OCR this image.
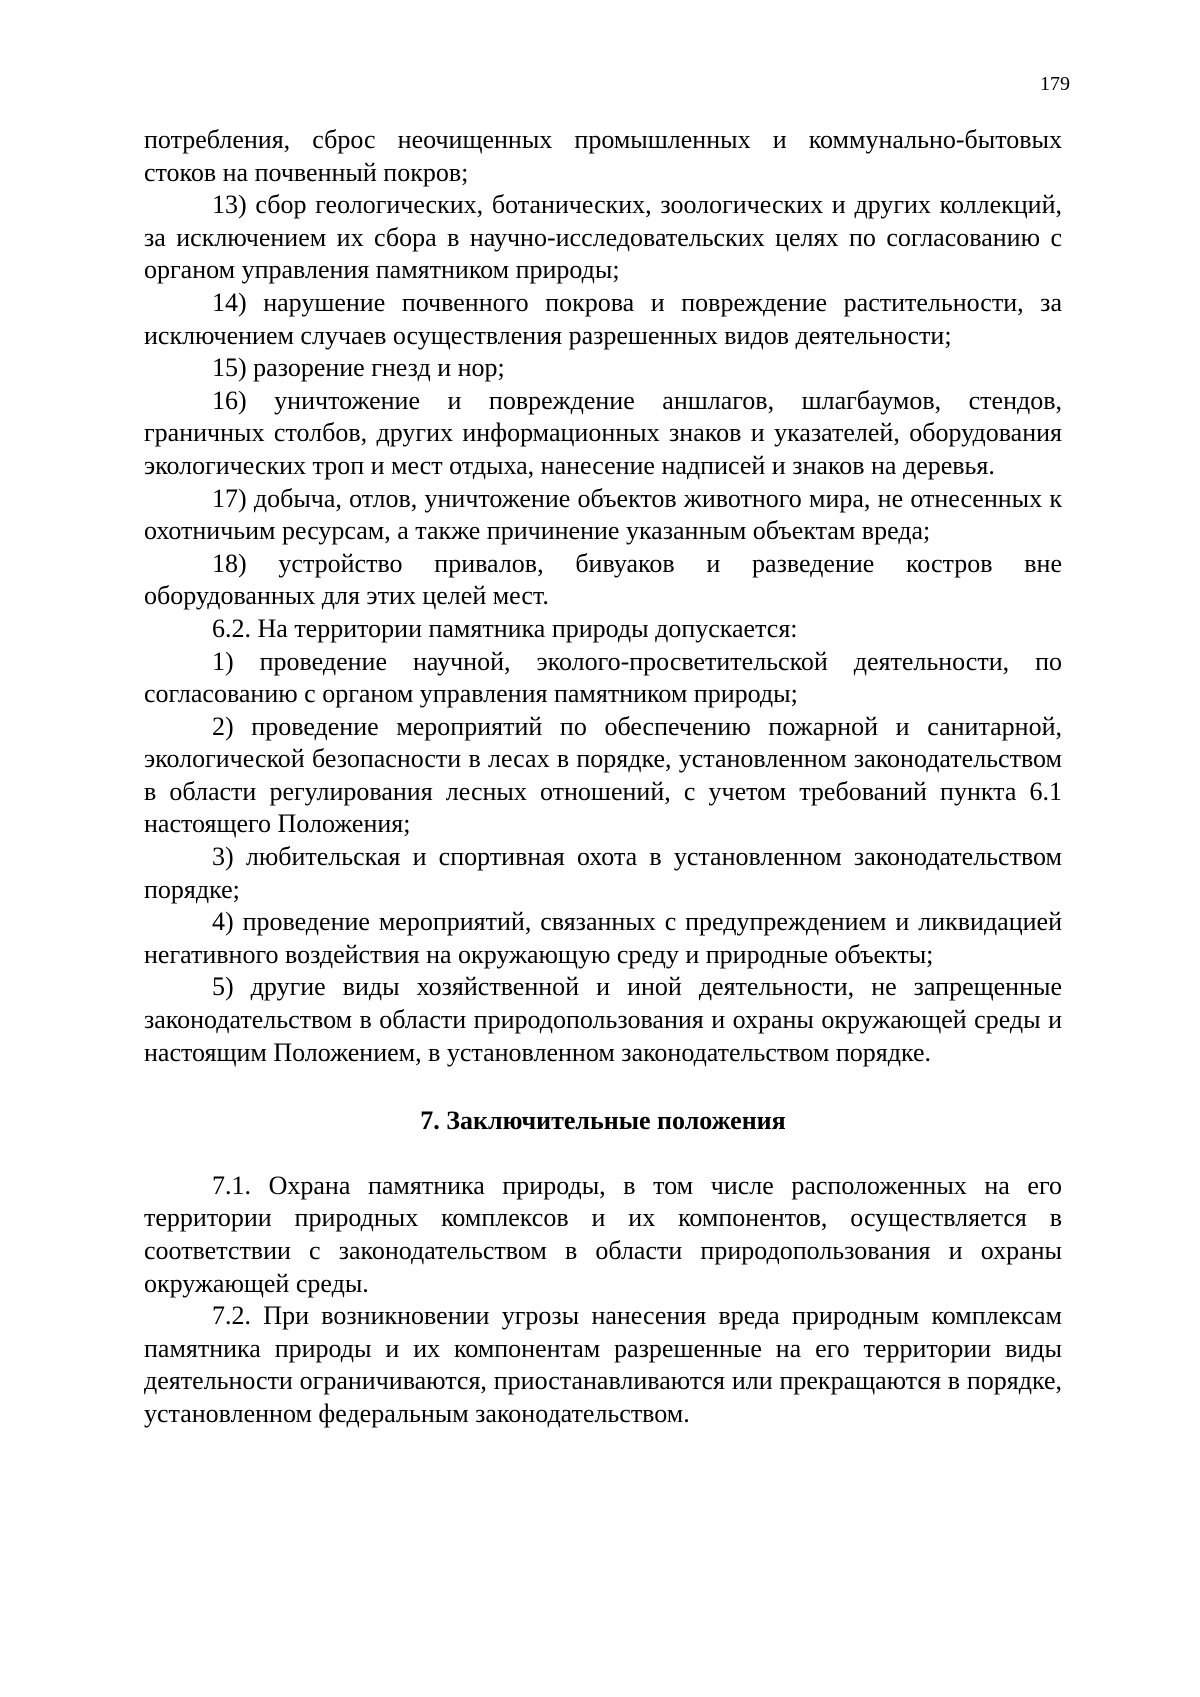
179

потребления, сброс неочищенных промышленных и коммунально-бытовых стоков на почвенный покров;

13) сбор геологических, ботанических, зоологических и других коллекций, за исключением их сбора в научно-исследовательских целях по согласованию с органом управления памятником природы;

14) нарушение почвенного покрова и повреждение растительности, за исключением случаев осуществления разрешенных видов деятельности;

15) разорение гнезд и нор;

16) уничтожение и повреждение аншлагов, шлагбаумов, стендов, граничных столбов, других информационных знаков и указателей, оборудования экологических троп и мест отдыха, нанесение надписей и знаков на деревья.

17) добыча, отлов, уничтожение объектов животного мира, не отнесенных к охотничьим ресурсам, а также причинение указанным объектам вреда;

18) устройство привалов, бивуаков и разведение костров вне оборудованных для этих целей мест.

6.2. На территории памятника природы допускается:

1) проведение научной, эколого-просветительской деятельности, по согласованию с органом управления памятником природы;

2) проведение мероприятий по обеспечению пожарной и санитарной, экологической безопасности в лесах в порядке, установленном законодательством в области регулирования лесных отношений, с учетом требований пункта 6.1 настоящего Положения;

3) любительская и спортивная охота в установленном законодательством порядке;

4) проведение мероприятий, связанных с предупреждением и ликвидацией негативного воздействия на окружающую среду и природные объекты;

5) другие виды хозяйственной и иной деятельности, не запрещенные законодательством в области природопользования и охраны окружающей среды и настоящим Положением, в установленном законодательством порядке.

7. Заключительные положения

7.1. Охрана памятника природы, в том числе расположенных на его территории природных комплексов и их компонентов, осуществляется в соответствии с законодательством в области природопользования и охраны окружающей среды.

7.2. При возникновении угрозы нанесения вреда природным комплексам памятника природы и их компонентам разрешенные на его территории виды деятельности ограничиваются, приостанавливаются или прекращаются в порядке, установленном федеральным законодательством.
